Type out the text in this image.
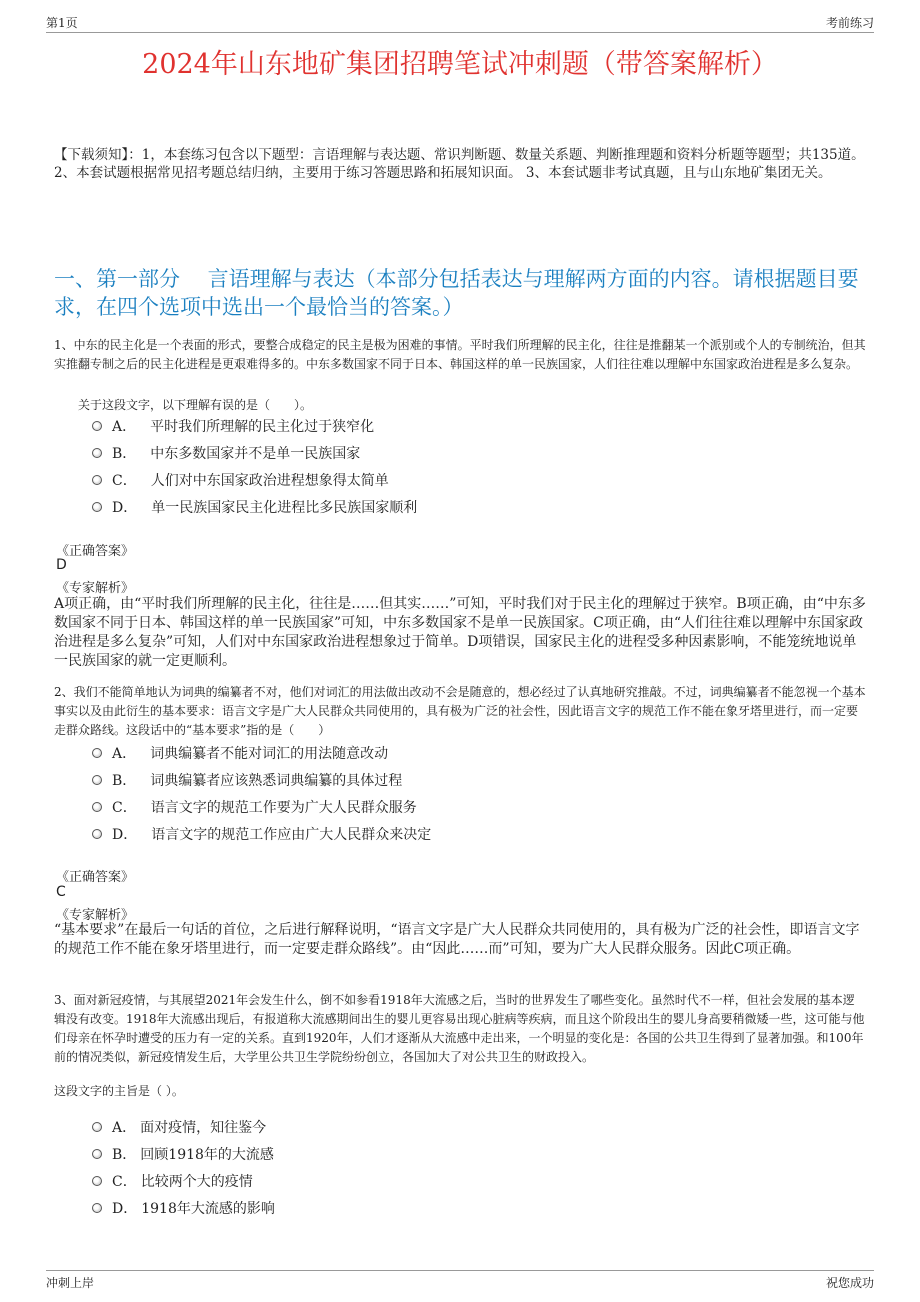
第1页	考前练习
2024年山东地矿集团招聘笔试冲刺题（带答案解析）
【下载须知】：1，本套练习包含以下题型：言语理解与表达题、常识判断题、数量关系题、判断推理题和资料分析题等题型；共135道。 2、本套试题根据常见招考题总结归纳，主要用于练习答题思路和拓展知识面。 3、本套试题非考试真题，且与山东地矿集团无关。
一、第一部分　 言语理解与表达（本部分包括表达与理解两方面的内容。请根据题目要求，在四个选项中选出一个最恰当的答案。）
1、中东的民主化是一个表面的形式，要整合成稳定的民主是极为困难的事情。平时我们所理解的民主化，往往是推翻某一个派别或个人的专制统治，但其实推翻专制之后的民主化进程是更艰难得多的。中东多数国家不同于日本、韩国这样的单一民族国家，人们往往难以理解中东国家政治进程是多么复杂。
关于这段文字，以下理解有误的是（　　）。
A． 平时我们所理解的民主化过于狭窄化
B． 中东多数国家并不是单一民族国家
C． 人们对中东国家政治进程想象得太简单
D． 单一民族国家民主化进程比多民族国家顺利
《正确答案》
D
《专家解析》
A项正确，由“平时我们所理解的民主化，往往是……但其实……”可知，平时我们对于民主化的理解过于狭窄。B项正确，由“中东多数国家不同于日本、韩国这样的单一民族国家”可知，中东多数国家不是单一民族国家。C项正确，由“人们往往难以理解中东国家政治进程是多么复杂”可知，人们对中东国家政治进程想象过于简单。D项错误，国家民主化的进程受多种因素影响，不能笼统地说单一民族国家的就一定更顺利。
2、我们不能简单地认为词典的编纂者不对，他们对词汇的用法做出改动不会是随意的，想必经过了认真地研究推敲。不过，词典编纂者不能忽视一个基本事实以及由此衍生的基本要求：语言文字是广大人民群众共同使用的，具有极为广泛的社会性，因此语言文字的规范工作不能在象牙塔里进行，而一定要走群众路线。这段话中的“基本要求”指的是（　　）
A． 词典编纂者不能对词汇的用法随意改动
B． 词典编纂者应该熟悉词典编纂的具体过程
C． 语言文字的规范工作要为广大人民群众服务
D． 语言文字的规范工作应由广大人民群众来决定
《正确答案》
C
《专家解析》
“基本要求”在最后一句话的首位，之后进行解释说明，“语言文字是广大人民群众共同使用的，具有极为广泛的社会性，即语言文字的规范工作不能在象牙塔里进行，而一定要走群众路线”。由“因此……而”可知，要为广大人民群众服务。因此C项正确。
3、面对新冠疫情，与其展望2021年会发生什么，倒不如参看1918年大流感之后，当时的世界发生了哪些变化。虽然时代不一样，但社会发展的基本逻辑没有改变。1918年大流感出现后，有报道称大流感期间出生的婴儿更容易出现心脏病等疾病，而且这个阶段出生的婴儿身高要稍微矮一些，这可能与他们母亲在怀孕时遭受的压力有一定的关系。直到1920年，人们才逐渐从大流感中走出来，一个明显的变化是：各国的公共卫生得到了显著加强。和100年前的情况类似，新冠疫情发生后，大学里公共卫生学院纷纷创立，各国加大了对公共卫生的财政投入。
这段文字的主旨是（ ）。
A． 面对疫情，知往鉴今
B． 回顾1918年的大流感
C． 比较两个大的疫情
D． 1918年大流感的影响
冲刺上岸	祝您成功
